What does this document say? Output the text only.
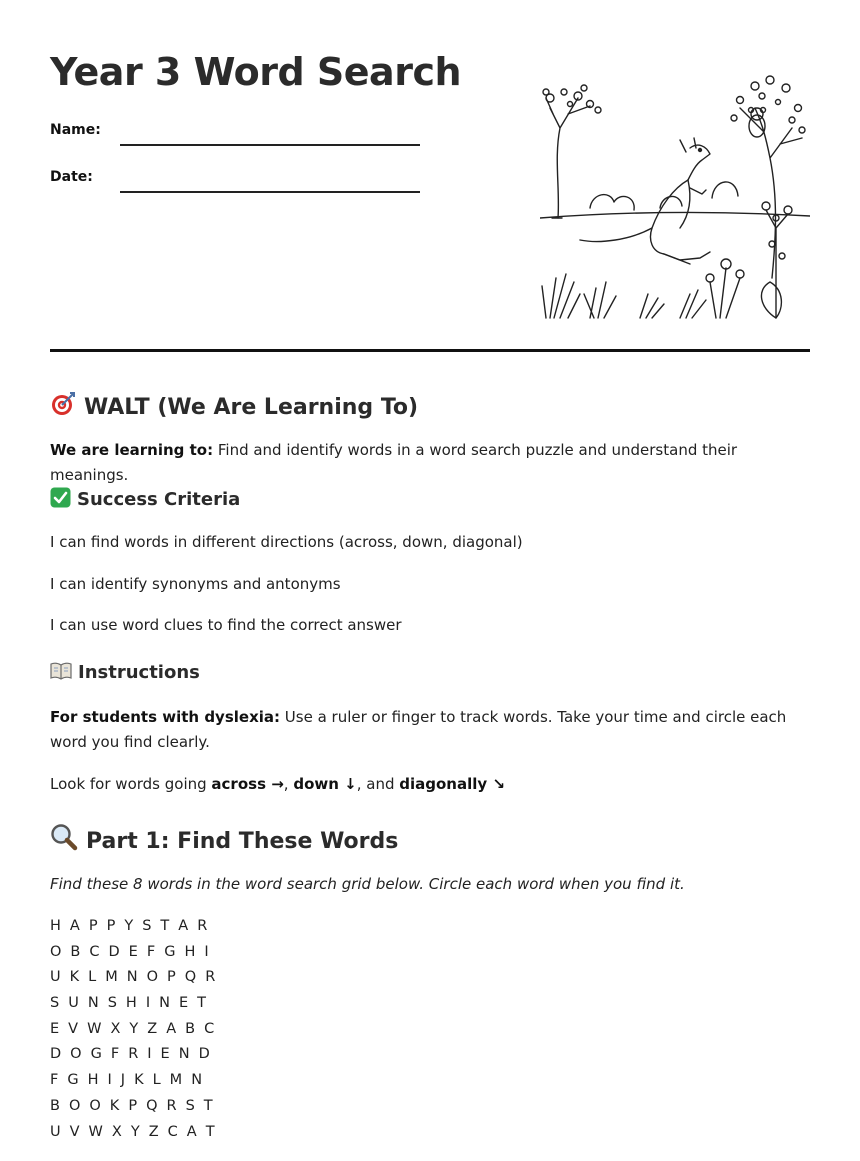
Year 3 Word Search
Name:
Date:
WALT (We Are Learning To)

We are learning to: Find and identify words in a word search puzzle and understand their meanings.

Success Criteria

I can find words in different directions (across, down, diagonal)

I can identify synonyms and antonyms

I can use word clues to find the correct answer

Instructions

For students with dyslexia: Use a ruler or finger to track words. Take your time and circle each word you find clearly.

Look for words going across →, down ↓, and diagonally ↘

Part 1: Find These Words

Find these 8 words in the word search grid below. Circle each word when you find it.

H A P P Y S T A R
O B C D E F G H I
U K L M N O P Q R
S U N S H I N E T
E V W X Y Z A B C
D O G F R I E N D
F G H I J K L M N
B O O K P Q R S T
U V W X Y Z C A T
